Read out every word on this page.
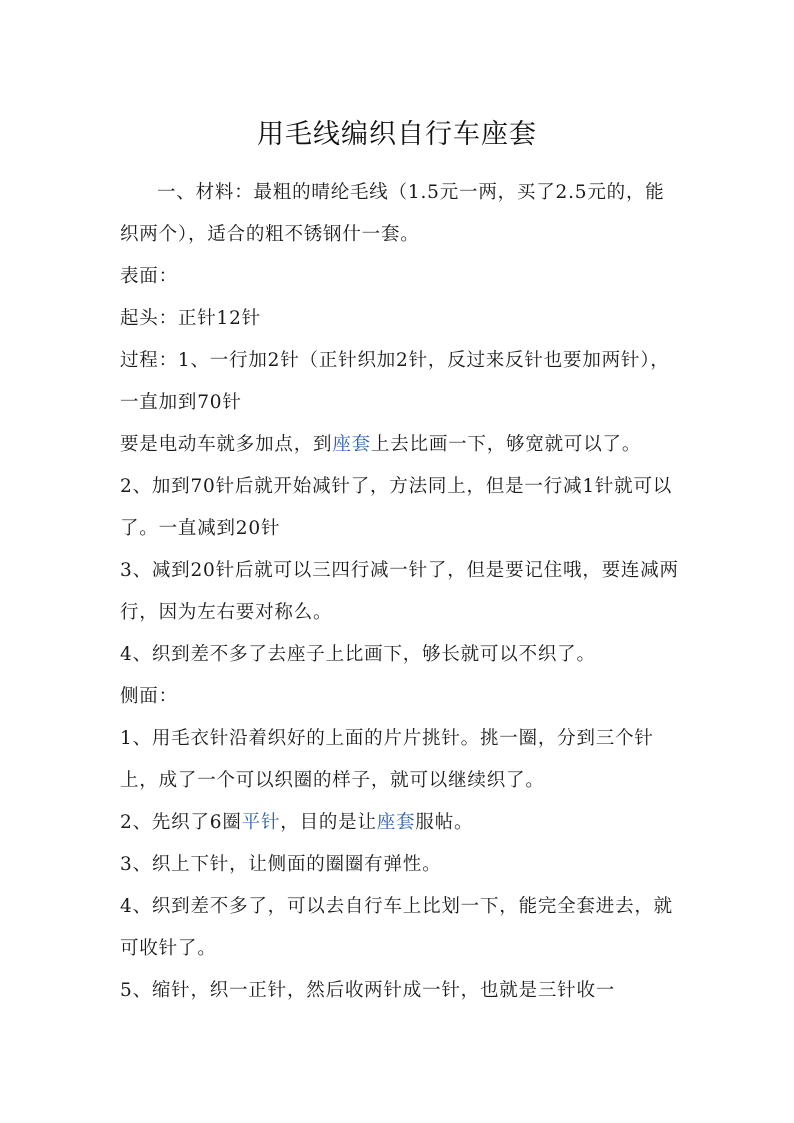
用毛线编织自行车座套

一、材料：最粗的晴纶毛线（1.5元一两，买了2.5元的，能织两个），适合的粗不锈钢什一套。

表面：

起头：正针12针

过程：1、一行加2针（正针织加2针，反过来反针也要加两针），一直加到70针

要是电动车就多加点，到座套上去比画一下，够宽就可以了。

2、加到70针后就开始减针了，方法同上，但是一行减1针就可以了。一直减到20针

3、减到20针后就可以三四行减一针了，但是要记住哦，要连减两行，因为左右要对称么。

4、织到差不多了去座子上比画下，够长就可以不织了。

侧面：

1、用毛衣针沿着织好的上面的片片挑针。挑一圈，分到三个针上，成了一个可以织圈的样子，就可以继续织了。

2、先织了6圈平针，目的是让座套服帖。

3、织上下针，让侧面的圈圈有弹性。

4、织到差不多了，可以去自行车上比划一下，能完全套进去，就可收针了。

5、缩针，织一正针，然后收两针成一针，也就是三针收一
